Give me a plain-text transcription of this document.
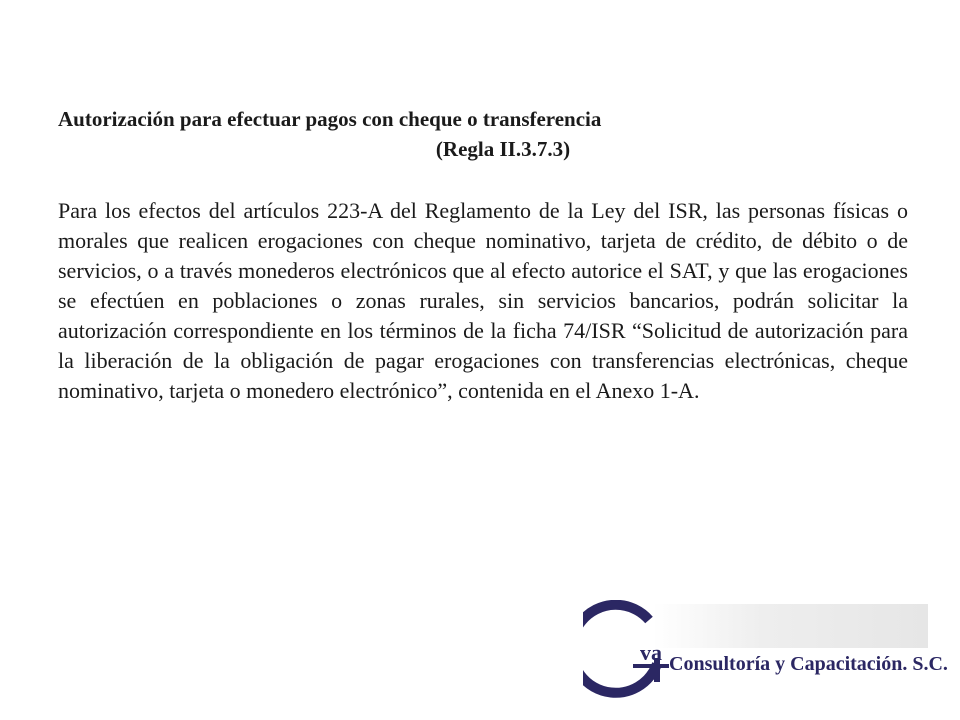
Autorización para efectuar pagos con cheque o transferencia
(Regla II.3.7.3)
Para los efectos del artículos 223-A del Reglamento de la Ley del ISR, las personas físicas o morales que realicen erogaciones con cheque nominativo, tarjeta de crédito, de débito o de servicios, o a través monederos electrónicos que al efecto autorice el SAT, y que las erogaciones se efectúen en poblaciones o zonas rurales, sin servicios bancarios, podrán solicitar la autorización correspondiente en los términos de la ficha 74/ISR “Solicitud de autorización para la liberación de la obligación de pagar erogaciones con transferencias electrónicas, cheque nominativo, tarjeta o monedero electrónico”, contenida en el Anexo 1-A.
va Consultoría y Capacitación. S.C.
